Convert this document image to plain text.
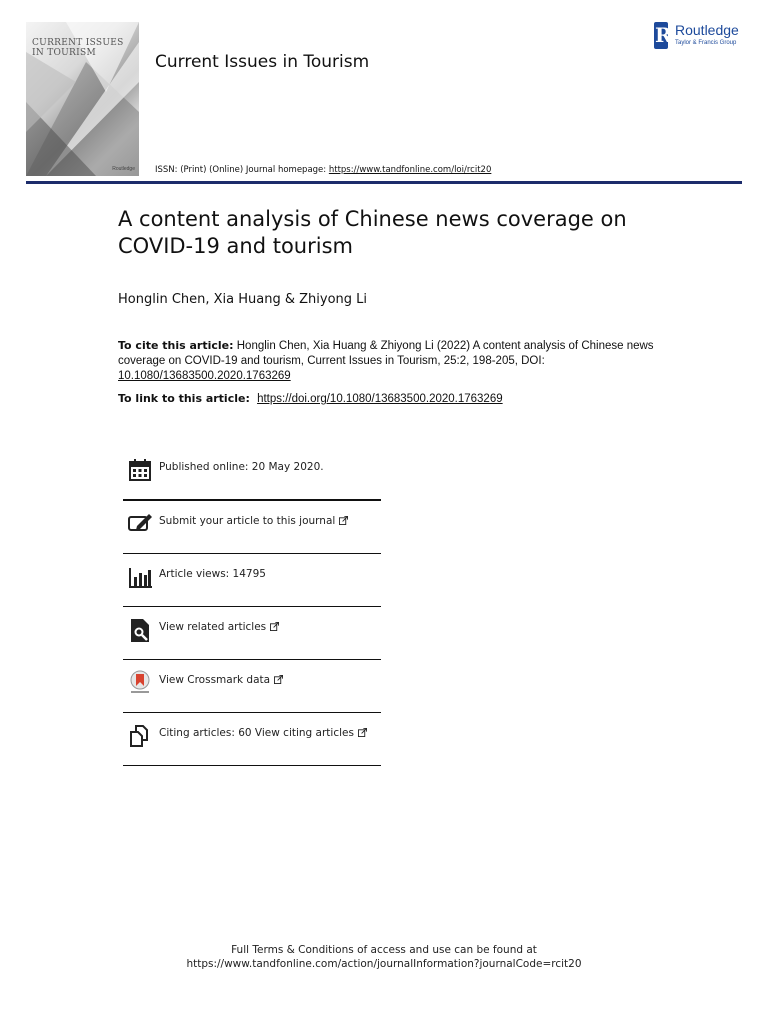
CURRENT ISSUES IN TOURISM
Routledge
Current Issues in Tourism
ISSN: (Print) (Online) Journal homepage: https://www.tandfonline.com/loi/rcit20
R Routledge
Taylor & Francis Group
A content analysis of Chinese news coverage on COVID-19 and tourism
Honglin Chen, Xia Huang & Zhiyong Li
To cite this article: Honglin Chen, Xia Huang & Zhiyong Li (2022) A content analysis of Chinese news coverage on COVID-19 and tourism, Current Issues in Tourism, 25:2, 198-205, DOI: 10.1080/13683500.2020.1763269
To link to this article: https://doi.org/10.1080/13683500.2020.1763269
Published online: 20 May 2020.
Submit your article to this journal
Article views: 14795
View related articles
View Crossmark data
Citing articles: 60 View citing articles
Full Terms & Conditions of access and use can be found at
https://www.tandfonline.com/action/journalInformation?journalCode=rcit20
